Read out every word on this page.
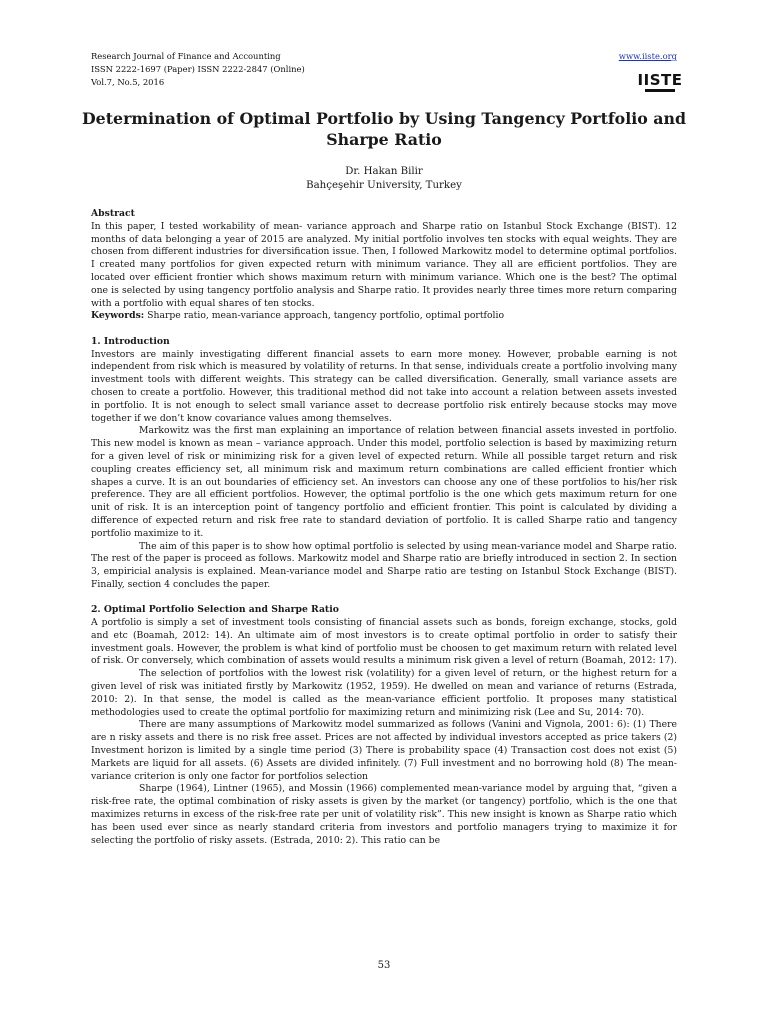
Research Journal of Finance and Accounting
ISSN 2222-1697 (Paper) ISSN 2222-2847 (Online)
Vol.7, No.5, 2016
www.iiste.org
IISTE
Determination of Optimal Portfolio by Using Tangency Portfolio and Sharpe Ratio
Dr. Hakan Bilir
Bahçeşehir University, Turkey
Abstract

In this paper, I tested workability of mean- variance approach and Sharpe ratio on Istanbul Stock Exchange (BIST). 12 months of data belonging a year of 2015 are analyzed. My initial portfolio involves ten stocks with equal weights. They are chosen from different industries for diversification issue. Then, I followed Markowitz model to determine optimal portfolios. I created many portfolios for given expected return with minimum variance. They all are efficient portfolios. They are located over efficient frontier which shows maximum return with minimum variance. Which one is the best? The optimal one is selected by using tangency portfolio analysis and Sharpe ratio. It provides nearly three times more return comparing with a portfolio with equal shares of ten stocks.

Keywords: Sharpe ratio, mean-variance approach, tangency portfolio, optimal portfolio

1. Introduction

Investors are mainly investigating different financial assets to earn more money. However, probable earning is not independent from risk which is measured by volatility of returns. In that sense, individuals create a portfolio involving many investment tools with different weights. This strategy can be called diversification. Generally, small variance assets are chosen to create a portfolio. However, this traditional method did not take into account a relation between assets invested in portfolio. It is not enough to select small variance asset to decrease portfolio risk entirely because stocks may move together if we don’t know covariance values among themselves.

Markowitz was the first man explaining an importance of relation between financial assets invested in portfolio. This new model is known as mean – variance approach. Under this model, portfolio selection is based by maximizing return for a given level of risk or minimizing risk for a given level of expected return. While all possible target return and risk coupling creates efficiency set, all minimum risk and maximum return combinations are called efficient frontier which shapes a curve. It is an out boundaries of efficiency set. An investors can choose any one of these portfolios to his/her risk preference. They are all efficient portfolios. However, the optimal portfolio is the one which gets maximum return for one unit of risk. It is an interception point of tangency portfolio and efficient frontier. This point is calculated by dividing a difference of expected return and risk free rate to standard deviation of portfolio. It is called Sharpe ratio and tangency portfolio maximize to it.

The aim of this paper is to show how optimal portfolio is selected by using mean-variance model and Sharpe ratio. The rest of the paper is proceed as follows. Markowitz model and Sharpe ratio are briefly introduced in section 2. In section 3, empiricial analysis is explained. Mean-variance model and Sharpe ratio are testing on Istanbul Stock Exchange (BIST). Finally, section 4 concludes the paper.

2. Optimal Portfolio Selection and Sharpe Ratio

A portfolio is simply a set of investment tools consisting of financial assets such as bonds, foreign exchange, stocks, gold and etc (Boamah, 2012: 14). An ultimate aim of most investors is to create optimal portfolio in order to satisfy their investment goals. However, the problem is what kind of portfolio must be choosen to get maximum return with related level of risk. Or conversely, which combination of assets would results a minimum risk given a level of return (Boamah, 2012: 17).

The selection of portfolios with the lowest risk (volatility) for a given level of return, or the highest return for a given level of risk was initiated firstly by Markowitz (1952, 1959). He dwelled on mean and variance of returns (Estrada, 2010: 2). In that sense, the model is called as the mean-variance efficient portfolio. It proposes many statistical methodologies used to create the optimal portfolio for maximizing return and minimizing risk (Lee and Su, 2014: 70).

There are many assumptions of Markowitz model summarized as follows (Vanini and Vignola, 2001: 6): (1) There are n risky assets and there is no risk free asset. Prices are not affected by individual investors accepted as price takers (2) Investment horizon is limited by a single time period (3) There is probability space (4) Transaction cost does not exist (5) Markets are liquid for all assets. (6) Assets are divided infinitely. (7) Full investment and no borrowing hold (8) The mean-variance criterion is only one factor for portfolios selection

Sharpe (1964), Lintner (1965), and Mossin (1966) complemented mean-variance model by arguing that, “given a risk-free rate, the optimal combination of risky assets is given by the market (or tangency) portfolio, which is the one that maximizes returns in excess of the risk-free rate per unit of volatility risk”. This new insight is known as Sharpe ratio which has been used ever since as nearly standard criteria from investors and portfolio managers trying to maximize it for selecting the portfolio of risky assets. (Estrada, 2010: 2). This ratio can be

53
